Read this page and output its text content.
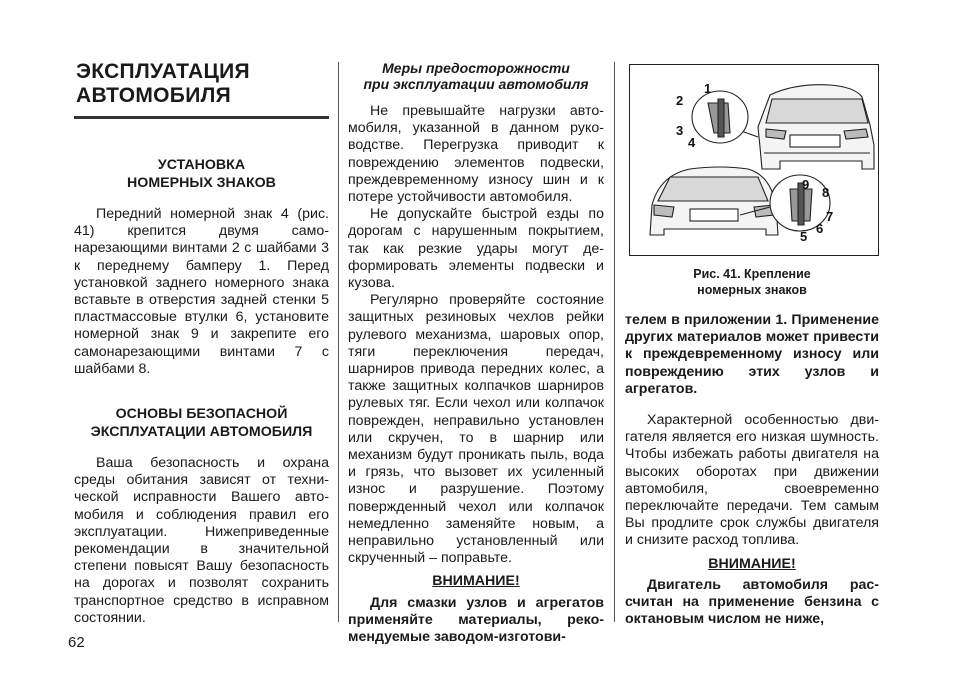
ЭКСПЛУАТАЦИЯ
АВТОМОБИЛЯ
УСТАНОВКА
НОМЕРНЫХ ЗНАКОВ

Передний номерной знак 4 (рис. 41) крепится двумя самонарезающими винтами 2 с шайбами 3 к переднему бамперу 1. Перед установкой заднего номерного знака вставьте в отверстия задней стенки 5 пластмассовые втулки 6, установите номерной знак 9 и закрепите его самонарезающими винтами 7 с шайбами 8.

ОСНОВЫ БЕЗОПАСНОЙ
ЭКСПЛУАТАЦИИ АВТОМОБИЛЯ

Ваша безопасность и охрана среды обитания зависят от технической исправности Вашего автомобиля и соблюдения правил его эксплуатации. Нижеприведенные рекомендации в значительной степени повысят Вашу безопасность на дорогах и позволят сохранить транспортное средство в исправном состоянии.

Меры предосторожности
при эксплуатации автомобиля

Не превышайте нагрузки автомобиля, указанной в данном руководстве. Перегрузка приводит к повреждению элементов подвески, преждевременному износу шин и к потере устойчивости автомобиля.

Не допускайте быстрой езды по дорогам с нарушенным покрытием, так как резкие удары могут деформировать элементы подвески и кузова.

Регулярно проверяйте состояние защитных резиновых чехлов рейки рулевого механизма, шаровых опор, тяги переключения передач, шарниров привода передних колес, а также защитных колпачков шарниров рулевых тяг. Если чехол или колпачок поврежден, неправильно установлен или скручен, то в шарнир или механизм будут проникать пыль, вода и грязь, что вызовет их усиленный износ и разрушение. Поэтому повержденный чехол или колпачок немедленно заменяйте новым, а неправильно установленный или скрученный – поправьте.

ВНИМАНИЕ!

Для смазки узлов и агрегатов применяйте материалы, рекомендуемые заводом-изготови-

1
2
3
4
5
6
7
8
9
Рис. 41. Крепление
номерных знаков

телем в приложении 1. Применение других материалов может привести к преждевременному износу или повреждению этих узлов и агрегатов.

Характерной особенностью двигателя является его низкая шумность. Чтобы избежать работы двигателя на высоких оборотах при движении автомобиля, своевременно переключайте передачи. Тем самым Вы продлите срок службы двигателя и снизите расход топлива.

ВНИМАНИЕ!

Двигатель автомобиля рассчитан на применение бензина с октановым числом не ниже,

62
